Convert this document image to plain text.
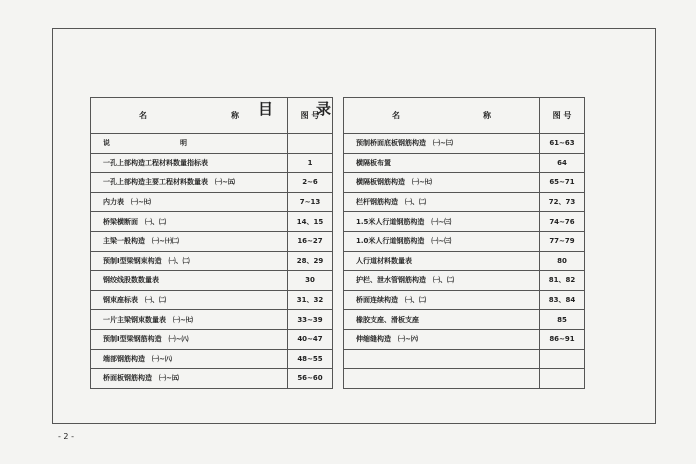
目	录
名 称	图 号
说　　　　　　　　　　明	
一孔上部构造工程材料数量指标表	1
一孔上部构造主要工程材料数量表　㈠~㈤	2~6
内力表　㈠~㈦	7~13
桥梁横断面　㈠、㈡	14、15
主梁一般构造　㈠~㈩㈡	16~27
预制I型梁钢束构造　㈠、㈡	28、29
钢绞线股数数量表	30
钢束座标表　㈠、㈡	31、32
一片主梁钢束数量表　㈠~㈦	33~39
预制I型梁钢筋构造　㈠~㈧	40~47
端部钢筋构造　㈠~㈧	48~55
桥面板钢筋构造　㈠~㈤	56~60
名 称	图 号
预制桥面底板钢筋构造　㈠~㈢	61~63
横隔板布置	64
横隔板钢筋构造　㈠~㈦	65~71
栏杆钢筋构造　㈠、㈡	72、73
1.5米人行道钢筋构造　㈠~㈢	74~76
1.0米人行道钢筋构造　㈠~㈢	77~79
人行道材料数量表	80
护栏、泄水管钢筋构造　㈠、㈡	81、82
桥面连续构造　㈠、㈡	83、84
橡胶支座、滑板支座	85
伸缩缝构造　㈠~㈥	86~91

- 2 -
